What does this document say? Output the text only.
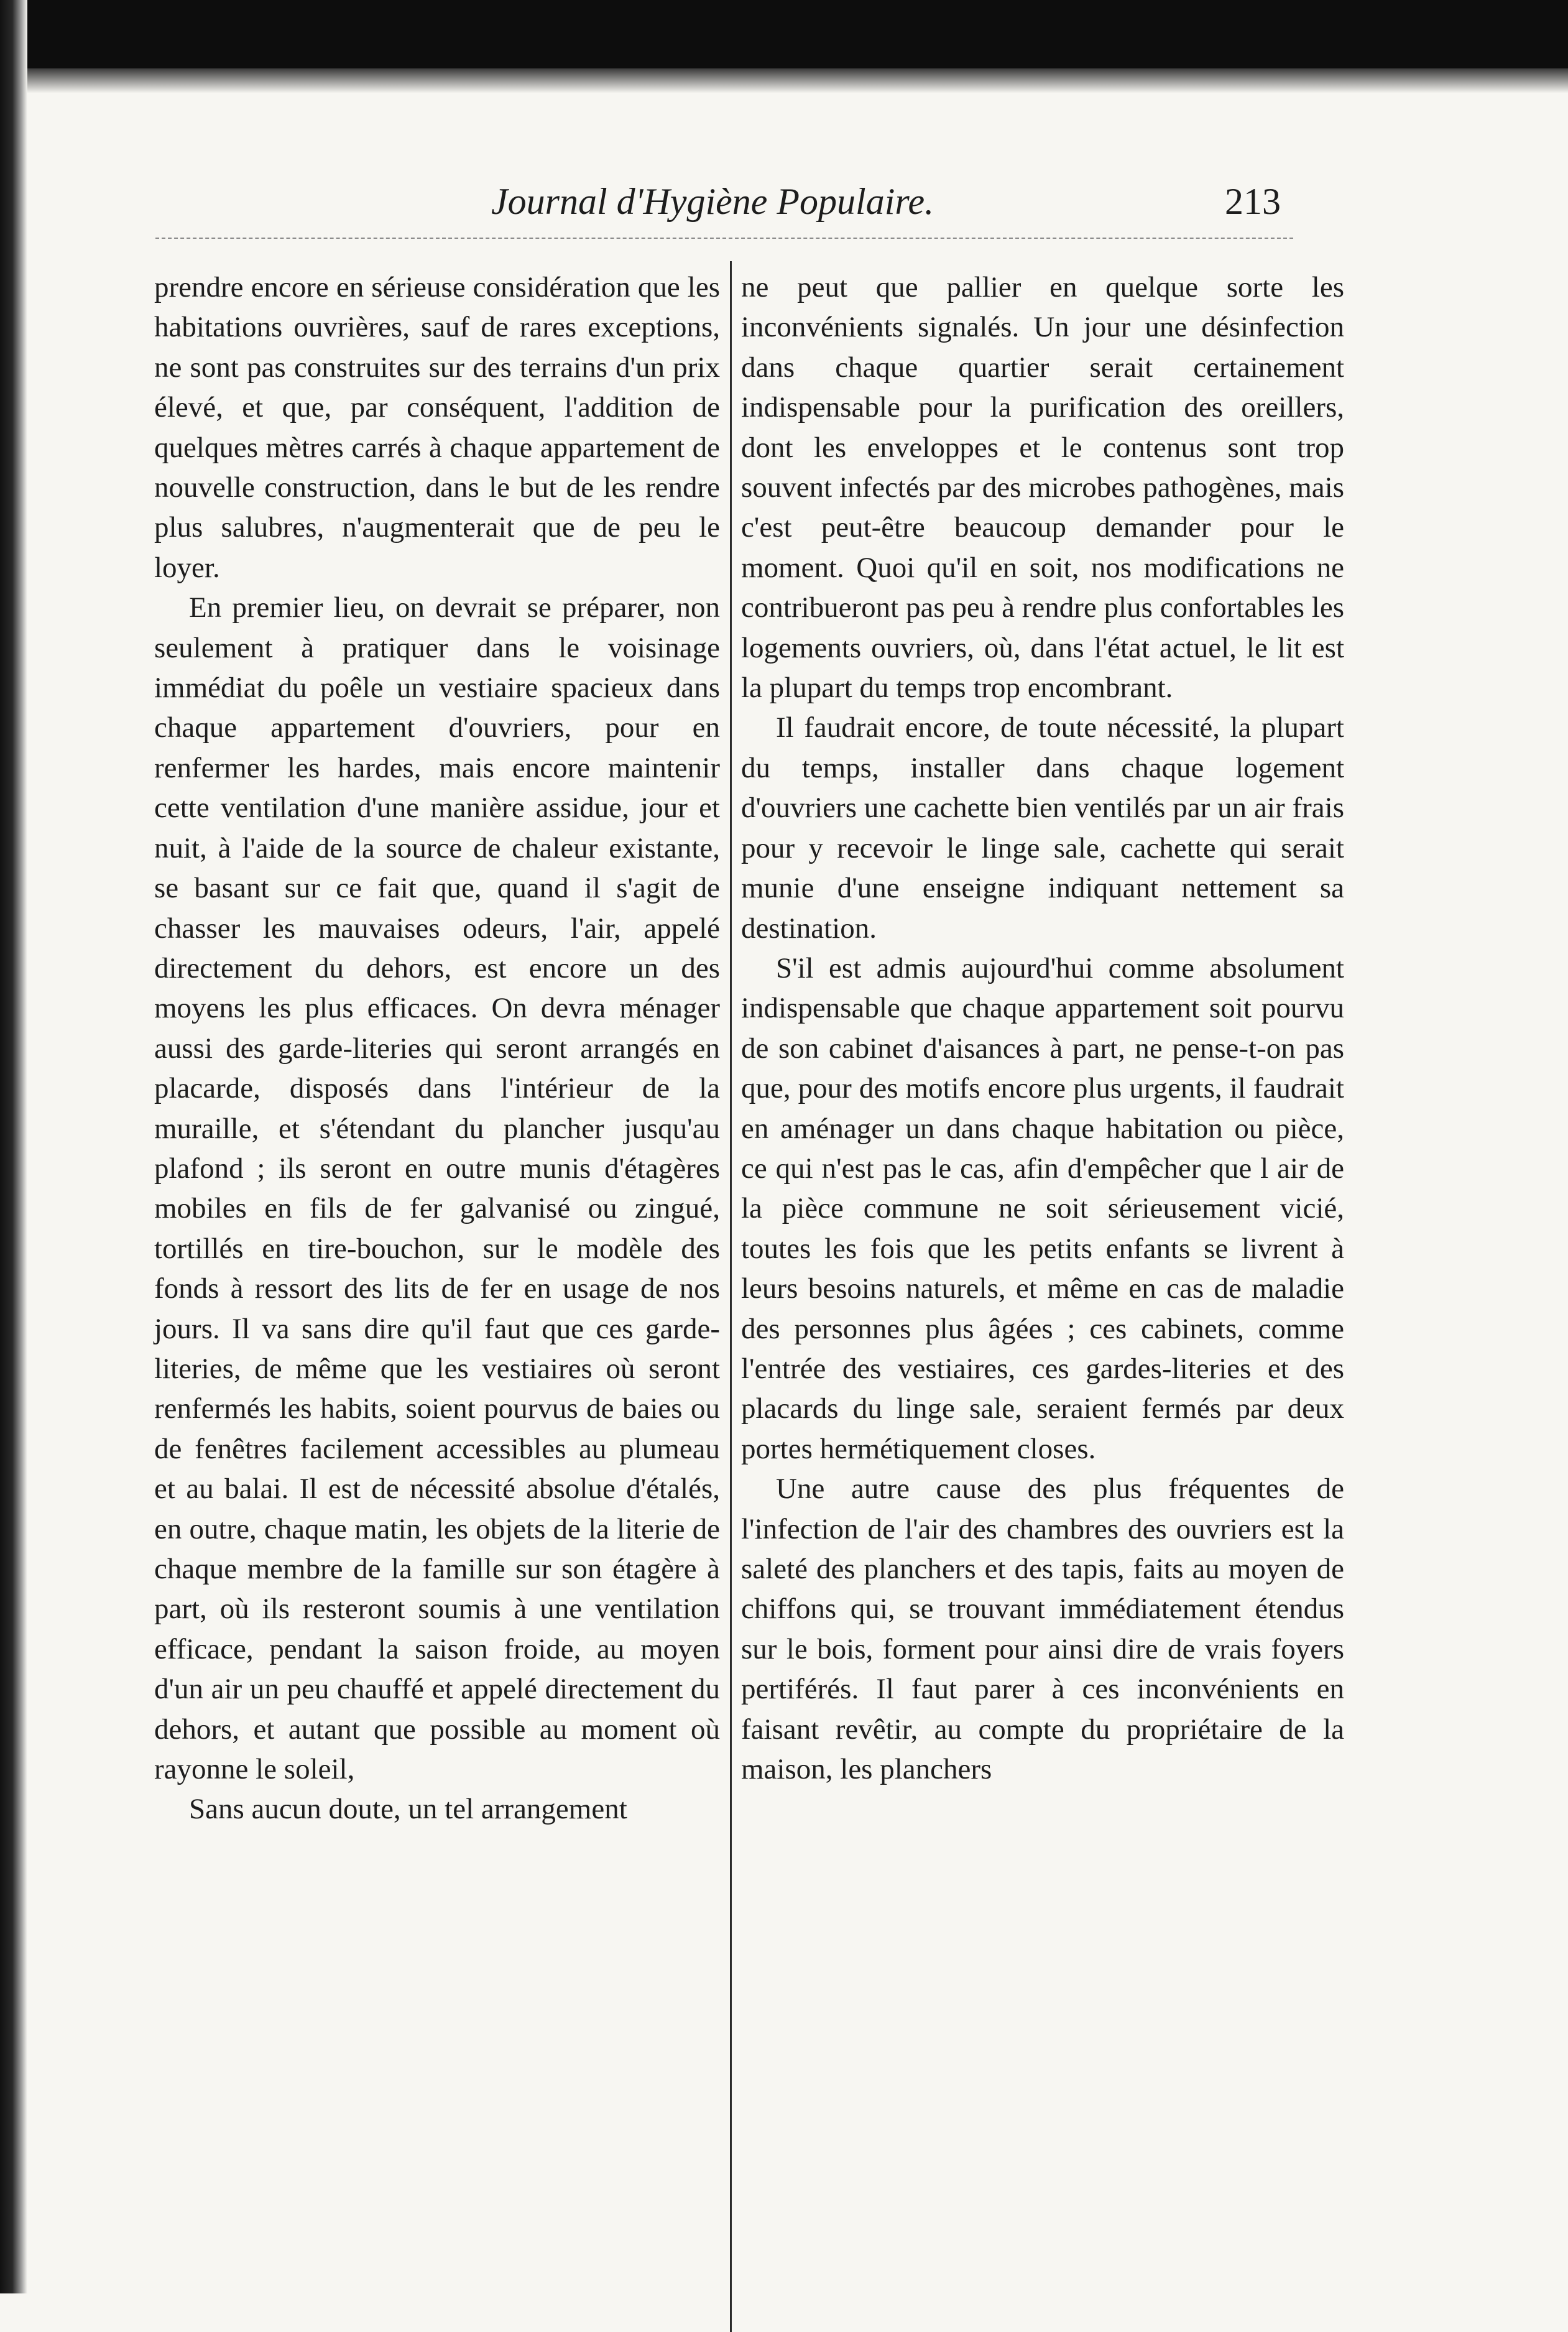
Journal d'Hygiène Populaire.	213

prendre encore en sérieuse considération que les habitations ouvrières, sauf de rares exceptions, ne sont pas construites sur des terrains d'un prix élevé, et que, par conséquent, l'addition de quelques mètres carrés à chaque appartement de nouvelle construction, dans le but de les rendre plus salubres, n'augmenterait que de peu le loyer.

En premier lieu, on devrait se préparer, non seulement à pratiquer dans le voisinage immédiat du poêle un vestiaire spacieux dans chaque appartement d'ouvriers, pour en renfermer les hardes, mais encore maintenir cette ventilation d'une manière assidue, jour et nuit, à l'aide de la source de chaleur existante, se basant sur ce fait que, quand il s'agit de chasser les mauvaises odeurs, l'air, appelé directement du dehors, est encore un des moyens les plus efficaces. On devra ménager aussi des garde-literies qui seront arrangés en placarde, disposés dans l'intérieur de la muraille, et s'étendant du plancher jusqu'au plafond ; ils seront en outre munis d'étagères mobiles en fils de fer galvanisé ou zingué, tortillés en tire-bouchon, sur le modèle des fonds à ressort des lits de fer en usage de nos jours. Il va sans dire qu'il faut que ces garde-literies, de même que les vestiaires où seront renfermés les habits, soient pourvus de baies ou de fenêtres facilement accessibles au plumeau et au balai. Il est de nécessité absolue d'étalés, en outre, chaque matin, les objets de la literie de chaque membre de la famille sur son étagère à part, où ils resteront soumis à une ventilation efficace, pendant la saison froide, au moyen d'un air un peu chauffé et appelé directement du dehors, et autant que possible au moment où rayonne le soleil,

Sans aucun doute, un tel arrangement

ne peut que pallier en quelque sorte les inconvénients signalés. Un jour une désinfection dans chaque quartier serait certainement indispensable pour la purification des oreillers, dont les enveloppes et le contenus sont trop souvent infectés par des microbes pathogènes, mais c'est peut-être beaucoup demander pour le moment. Quoi qu'il en soit, nos modifications ne contribueront pas peu à rendre plus confortables les logements ouvriers, où, dans l'état actuel, le lit est la plupart du temps trop encombrant.

Il faudrait encore, de toute nécessité, la plupart du temps, installer dans chaque logement d'ouvriers une cachette bien ventilés par un air frais pour y recevoir le linge sale, cachette qui serait munie d'une enseigne indiquant nettement sa destination.

S'il est admis aujourd'hui comme absolument indispensable que chaque appartement soit pourvu de son cabinet d'aisances à part, ne pense-t-on pas que, pour des motifs encore plus urgents, il faudrait en aménager un dans chaque habitation ou pièce, ce qui n'est pas le cas, afin d'empêcher que l air de la pièce commune ne soit sérieusement vicié, toutes les fois que les petits enfants se livrent à leurs besoins naturels, et même en cas de maladie des personnes plus âgées ; ces cabinets, comme l'entrée des vestiaires, ces gardes-literies et des placards du linge sale, seraient fermés par deux portes hermétiquement closes.

Une autre cause des plus fréquentes de l'infection de l'air des chambres des ouvriers est la saleté des planchers et des tapis, faits au moyen de chiffons qui, se trouvant immédiatement étendus sur le bois, forment pour ainsi dire de vrais foyers pertiférés. Il faut parer à ces inconvénients en faisant revêtir, au compte du propriétaire de la maison, les planchers
